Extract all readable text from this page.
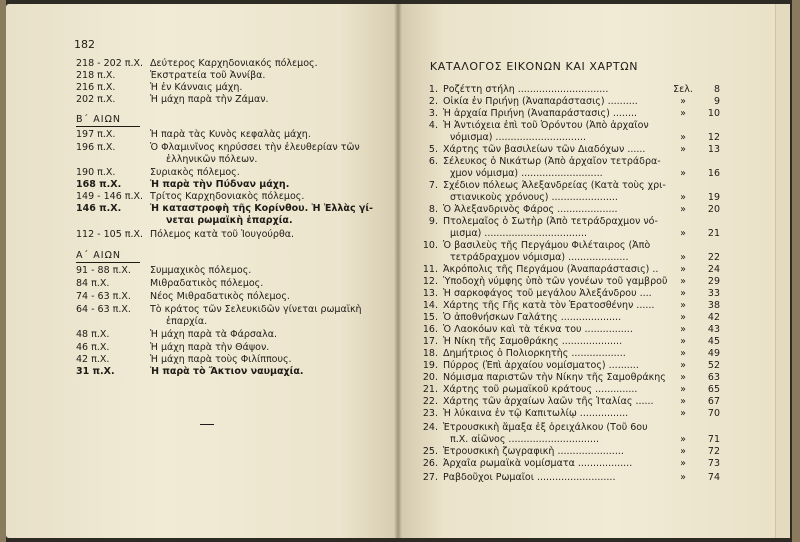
182
218 - 202 π.Χ. Δεύτερος Καρχηδονιακός πόλεμος.
218 π.Χ.	Ἐκστρατεία τοῦ Ἀννίβα.
216 π.Χ.	Ἡ ἐν Κάνναις μάχη.
202 π.Χ.	Ἡ μάχη παρὰ τὴν Ζάμαν.
Β΄ ΑΙΩΝ
197 π.Χ.	Ἡ παρὰ τὰς Κυνὸς κεφαλὰς μάχη.
196 π.Χ.	Ὁ Φλαμινῖνος κηρύσσει τὴν ἐλευθερίαν τῶν
ἑλληνικῶν πόλεων.
190 π.Χ.	Συριακὸς πόλεμος.
168 π.Χ.	Ἡ παρὰ τὴν Πύδναν μάχη.
149 - 146 π.Χ. Τρίτος Καρχηδονιακὸς πόλεμος.
146 π.Χ.	Ἡ καταστροφὴ τῆς Κορίνθου. Ἡ Ἑλλὰς γί-
νεται ρωμαϊκὴ ἐπαρχία.
112 - 105 π.Χ. Πόλεμος κατὰ τοῦ Ἰουγούρθα.
Α΄ ΑΙΩΝ
91 - 88 π.Χ.	Συμμαχικὸς πόλεμος.
84 π.Χ.	Μιθραδατικὸς πόλεμος.
74 - 63 π.Χ.	Νέος Μιθραδατικὸς πόλεμος.
64 - 63 π.Χ.	Τὸ κράτος τῶν Σελευκιδῶν γίνεται ρωμαϊκὴ
ἐπαρχία.
48 π.Χ.	Ἡ μάχη παρὰ τὰ Φάρσαλα.
46 π.Χ.	Ἡ μάχη παρὰ τὴν Θάψον.
42 π.Χ.	Ἡ μάχη παρὰ τοὺς Φιλίππους.
31 π.Χ.	Ἡ παρὰ τὸ Ἄκτιον ναυμαχία.
ΚΑΤΑΛΟΓΟΣ ΕΙΚΟΝΩΝ ΚΑΙ ΧΑΡΤΩΝ
1. Ροζέττη στήλη ..............................	Σελ.	8
2. Οἰκία ἐν Πριήνῃ (Ἀναπαράστασις) ..........	»	9
3. Ἡ ἀρχαία Πριήνη (Ἀναπαράστασις) ........	»	10
4. Ἡ Ἀντιόχεια ἐπὶ τοῦ Ὀρόντου (Ἀπὸ ἀρχαῖον
νόμισμα) ..............................	»	12
5. Χάρτης τῶν βασιλείων τῶν Διαδόχων ......	»	13
6. Σέλευκος ὁ Νικάτωρ (Ἀπὸ ἀρχαῖον τετράδρα-
χμον νόμισμα) ...........................	»	16
7. Σχέδιον πόλεως Ἀλεξανδρείας (Κατὰ τοὺς χρι-
στιανικοὺς χρόνους) ......................	»	19
8. Ὁ Ἀλεξανδρινὸς Φάρος ....................	»	20
9. Πτολεμαῖος ὁ Σωτὴρ (Ἀπὸ τετράδραχμον νό-
μισμα) ..................................	»	21
10. Ὁ βασιλεὺς τῆς Περγάμου Φιλέταιρος (Ἀπὸ
τετράδραχμον νόμισμα) ....................	»	22
11. Ἀκρόπολις τῆς Περγάμου (Ἀναπαράστασις) ..	»	24
12. Ὑποδοχὴ νύμφης ὑπὸ τῶν γονέων τοῦ γαμβροῦ	»	29
13. Ἡ σαρκοφάγος τοῦ μεγάλου Ἀλεξάνδρου ....	»	33
14. Χάρτης τῆς Γῆς κατὰ τὸν Ἐρατοσθένην ......	»	38
15. Ὁ ἀποθνήσκων Γαλάτης ....................	»	42
16. Ὁ Λαοκόων καὶ τὰ τέκνα του ................	»	43
17. Ἡ Νίκη τῆς Σαμοθράκης ....................	»	45
18. Δημήτριος ὁ Πολιορκητὴς ..................	»	49
19. Πύρρος (Ἐπὶ ἀρχαίου νομίσματος) ..........	»	52
20. Νόμισμα παριστῶν τὴν Νίκην τῆς Σαμοθράκης	»	63
21. Χάρτης τοῦ ρωμαϊκοῦ κράτους ..............	»	65
22. Χάρτης τῶν ἀρχαίων λαῶν τῆς Ἰταλίας ......	»	67
23. Ἡ λύκαινα ἐν τῷ Καπιτωλίῳ ................	»	70
24. Ἐτρουσκικὴ ἅμαξα ἐξ ὀρειχάλκου (Τοῦ 6ου
π.Χ. αἰῶνος ..............................	»	71
25. Ἐτρουσκικὴ ζωγραφικὴ ......................	»	72
26. Ἀρχαῖα ρωμαϊκὰ νομίσματα ..................	»	73
27. Ραβδοῦχοι Ρωμαῖοι ..........................	»	74
